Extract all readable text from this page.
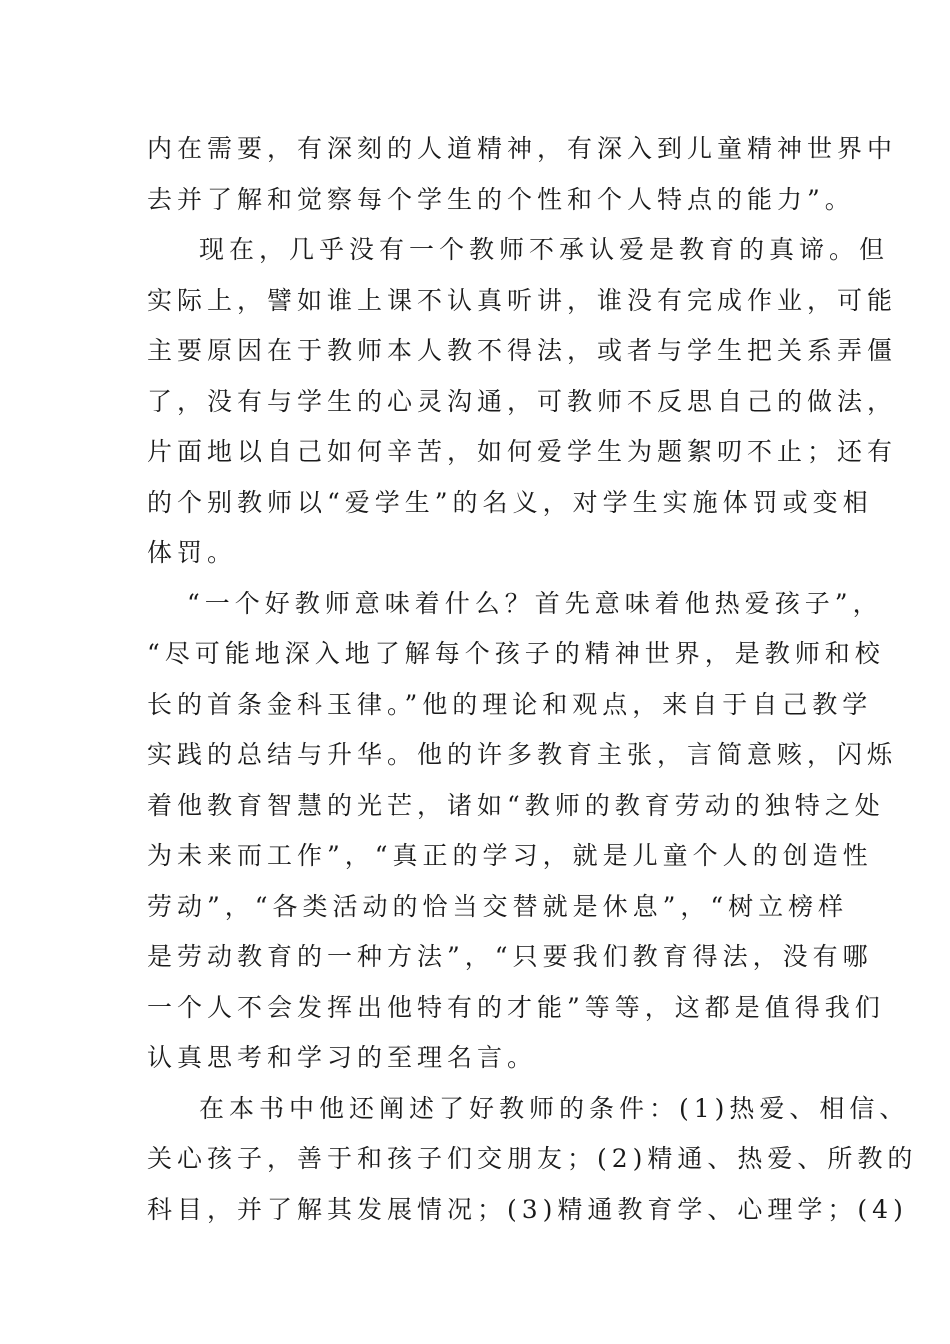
内在需要，有深刻的人道精神，有深入到儿童精神世界中
去并了解和觉察每个学生的个性和个人特点的能力”。
现在，几乎没有一个教师不承认爱是教育的真谛。但
实际上，譬如谁上课不认真听讲，谁没有完成作业，可能
主要原因在于教师本人教不得法，或者与学生把关系弄僵
了，没有与学生的心灵沟通，可教师不反思自己的做法，
片面地以自己如何辛苦，如何爱学生为题絮叨不止；还有
的个别教师以“爱学生”的名义，对学生实施体罚或变相
体罚。
“一个好教师意味着什么？首先意味着他热爱孩子”，
“尽可能地深入地了解每个孩子的精神世界，是教师和校
长的首条金科玉律。”他的理论和观点，来自于自己教学
实践的总结与升华。他的许多教育主张，言简意赅，闪烁
着他教育智慧的光芒，诸如“教师的教育劳动的独特之处
为未来而工作”，“真正的学习，就是儿童个人的创造性
劳动”，“各类活动的恰当交替就是休息”，“树立榜样
是劳动教育的一种方法”，“只要我们教育得法，没有哪
一个人不会发挥出他特有的才能”等等，这都是值得我们
认真思考和学习的至理名言。
在本书中他还阐述了好教师的条件：(1)热爱、相信、
关心孩子，善于和孩子们交朋友；(2)精通、热爱、所教的
科目，并了解其发展情况；(3)精通教育学、心理学；(4)
